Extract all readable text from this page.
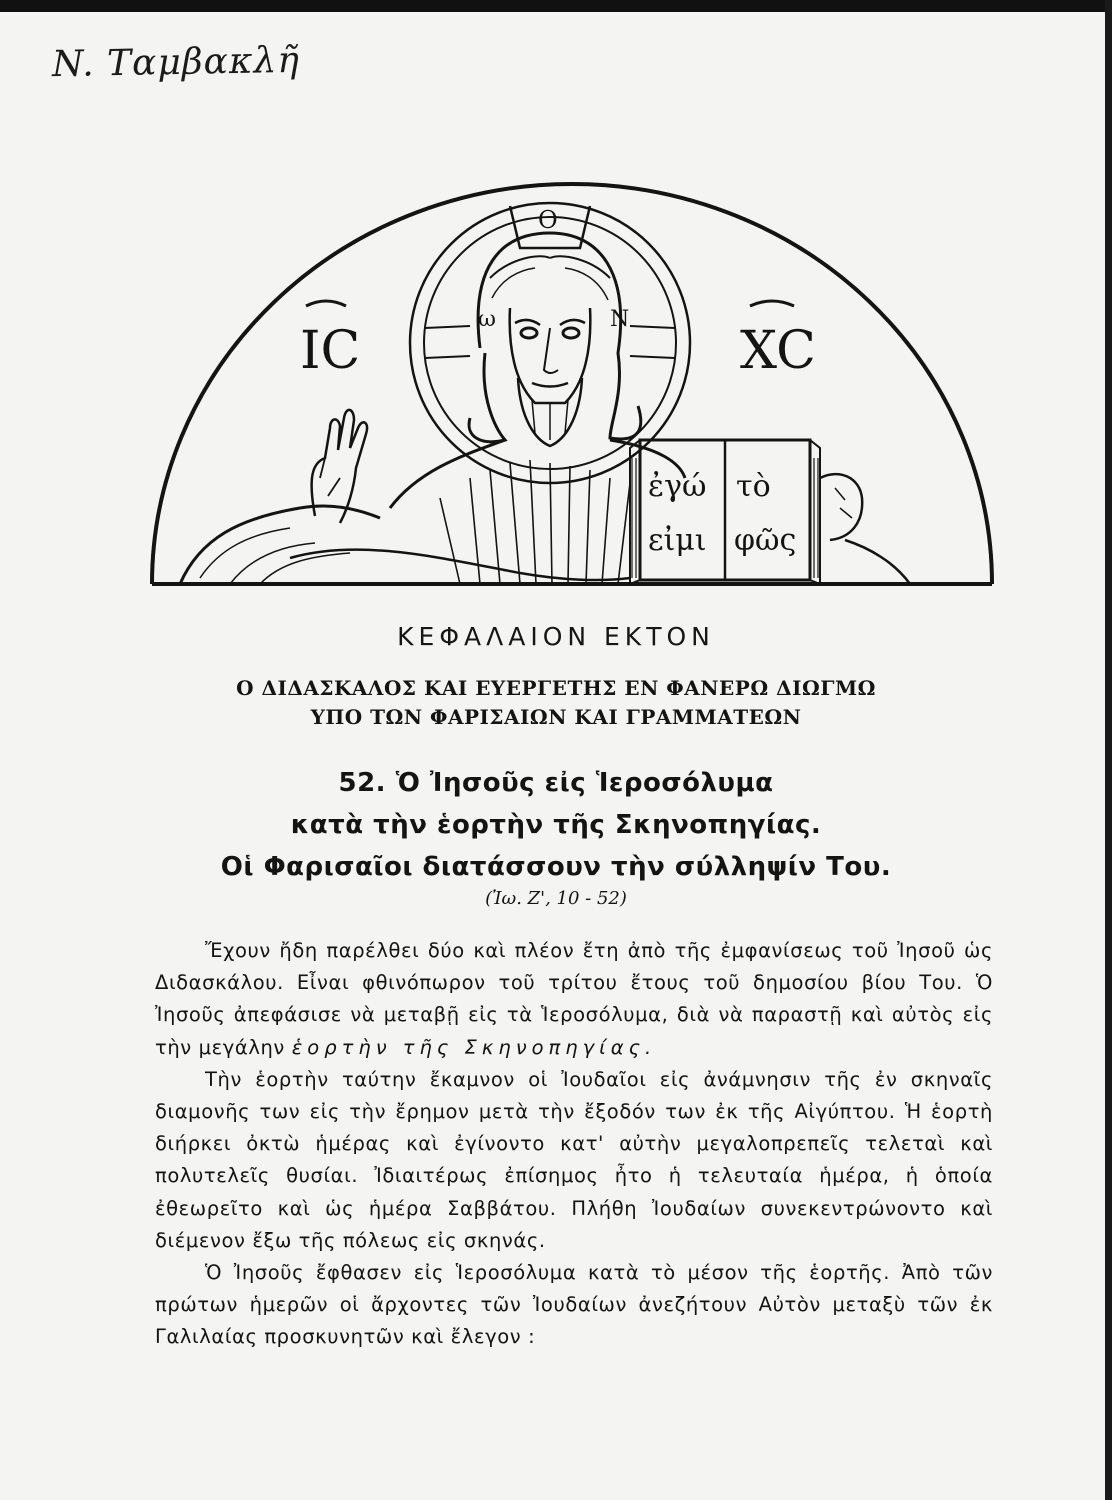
N. Ταμβακλῆ
IC	XC
O
ω	N
ἐγώ τὸ
εἰμι φῶς
ΚΕΦΑΛΑΙΟΝ ΕΚΤΟΝ
Ο ΔΙΔΑΣΚΑΛΟΣ ΚΑΙ ΕΥΕΡΓΕΤΗΣ ΕΝ ΦΑΝΕΡΩ ΔΙΩΓΜΩ
ΥΠΟ ΤΩΝ ΦΑΡΙΣΑΙΩΝ ΚΑΙ ΓΡΑΜΜΑΤΕΩΝ
52. Ὁ Ἰησοῦς εἰς Ἱεροσόλυμα
κατὰ τὴν ἑορτὴν τῆς Σκηνοπηγίας.
Οἱ Φαρισαῖοι διατάσσουν τὴν σύλληψίν Του.
(Ἰω. Ζ', 10 - 52)

Ἔχουν ἤδη παρέλθει δύο καὶ πλέον ἔτη ἀπὸ τῆς ἐμφανίσεως τοῦ Ἰησοῦ ὡς Διδασκάλου. Εἶναι φθινόπωρον τοῦ τρίτου ἔτους τοῦ δημοσίου βίου Του. Ὁ Ἰησοῦς ἀπεφάσισε νὰ μεταβῇ εἰς τὰ Ἱεροσόλυμα, διὰ νὰ παραστῇ καὶ αὐτὸς εἰς τὴν μεγάλην ἑορτὴν τῆς Σκηνοπηγίας.

Τὴν ἑορτὴν ταύτην ἔκαμνον οἱ Ἰουδαῖοι εἰς ἀνάμνησιν τῆς ἐν σκηναῖς διαμονῆς των εἰς τὴν ἔρημον μετὰ τὴν ἔξοδόν των ἐκ τῆς Αἰγύπτου. Ἡ ἑορτὴ διήρκει ὀκτὼ ἡμέρας καὶ ἐγίνοντο κατ' αὐτὴν μεγαλοπρεπεῖς τελεταὶ καὶ πολυτελεῖς θυσίαι. Ἰδιαιτέρως ἐπίσημος ἦτο ἡ τελευταία ἡμέρα, ἡ ὁποία ἐθεωρεῖτο καὶ ὡς ἡμέρα Σαββάτου. Πλήθη Ἰουδαίων συνεκεντρώνοντο καὶ διέμενον ἔξω τῆς πόλεως εἰς σκηνάς.

Ὁ Ἰησοῦς ἔφθασεν εἰς Ἱεροσόλυμα κατὰ τὸ μέσον τῆς ἑορτῆς. Ἀπὸ τῶν πρώτων ἡμερῶν οἱ ἄρχοντες τῶν Ἰουδαίων ἀνεζήτουν Αὐτὸν μεταξὺ τῶν ἐκ Γαλιλαίας προσκυνητῶν καὶ ἔλεγον :
